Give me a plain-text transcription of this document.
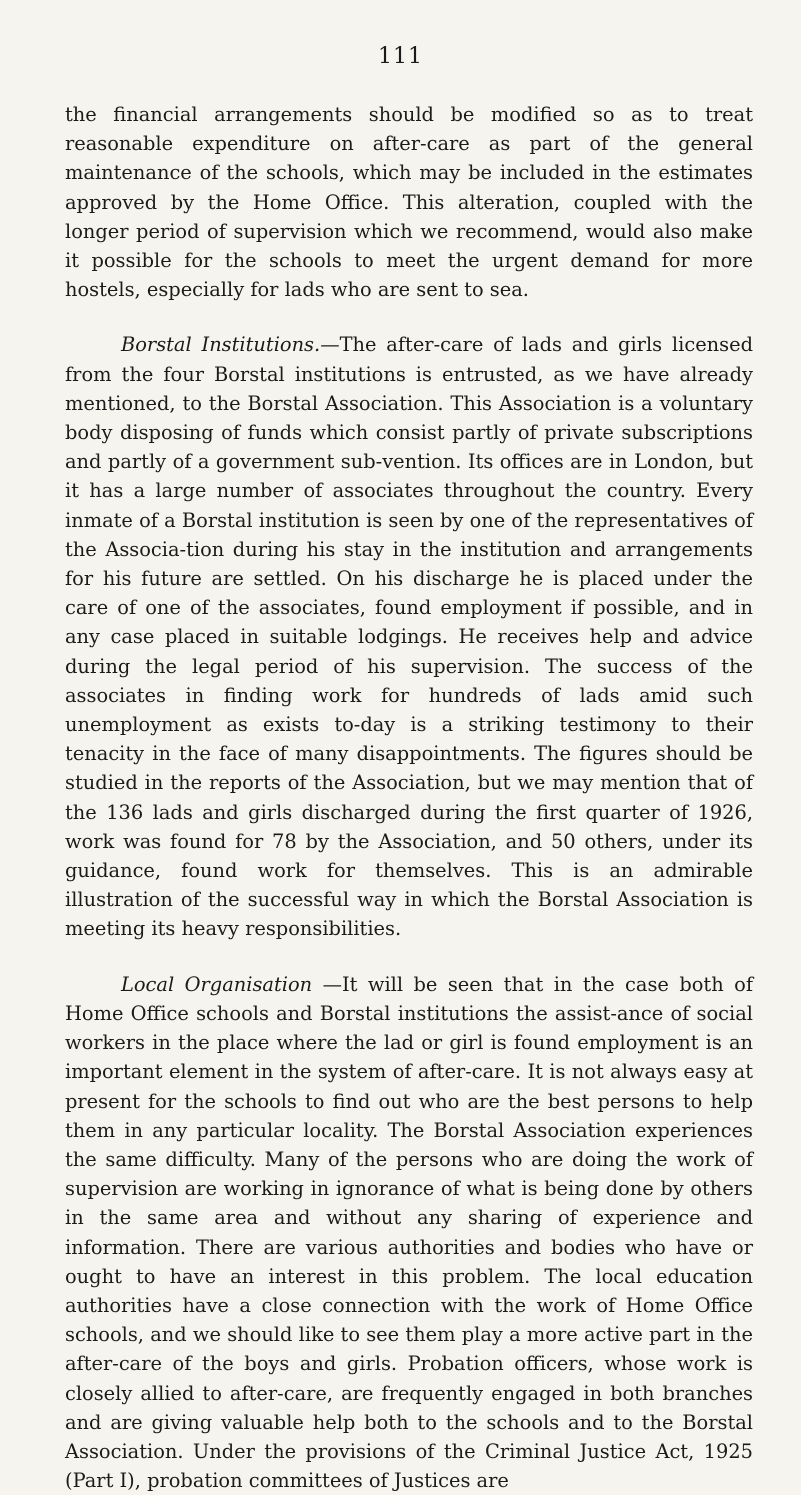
111

the financial arrangements should be modified so as to treat reasonable expenditure on after-care as part of the general maintenance of the schools, which may be included in the estimates approved by the Home Office. This alteration, coupled with the longer period of supervision which we recommend, would also make it possible for the schools to meet the urgent demand for more hostels, especially for lads who are sent to sea.

Borstal Institutions.—The after-care of lads and girls licensed from the four Borstal institutions is entrusted, as we have already mentioned, to the Borstal Association. This Association is a voluntary body disposing of funds which consist partly of private subscriptions and partly of a government sub-vention. Its offices are in London, but it has a large number of associates throughout the country. Every inmate of a Borstal institution is seen by one of the representatives of the Associa-tion during his stay in the institution and arrangements for his future are settled. On his discharge he is placed under the care of one of the associates, found employment if possible, and in any case placed in suitable lodgings. He receives help and advice during the legal period of his supervision. The success of the associates in finding work for hundreds of lads amid such unemployment as exists to-day is a striking testimony to their tenacity in the face of many disappointments. The figures should be studied in the reports of the Association, but we may mention that of the 136 lads and girls discharged during the first quarter of 1926, work was found for 78 by the Association, and 50 others, under its guidance, found work for themselves. This is an admirable illustration of the successful way in which the Borstal Association is meeting its heavy responsibilities.

Local Organisation —It will be seen that in the case both of Home Office schools and Borstal institutions the assist-ance of social workers in the place where the lad or girl is found employment is an important element in the system of after-care. It is not always easy at present for the schools to find out who are the best persons to help them in any particular locality. The Borstal Association experiences the same difficulty. Many of the persons who are doing the work of supervision are working in ignorance of what is being done by others in the same area and without any sharing of experience and information. There are various authorities and bodies who have or ought to have an interest in this problem. The local education authorities have a close connection with the work of Home Office schools, and we should like to see them play a more active part in the after-care of the boys and girls. Probation officers, whose work is closely allied to after-care, are frequently engaged in both branches and are giving valuable help both to the schools and to the Borstal Association. Under the provisions of the Criminal Justice Act, 1925 (Part I), probation committees of Justices are
